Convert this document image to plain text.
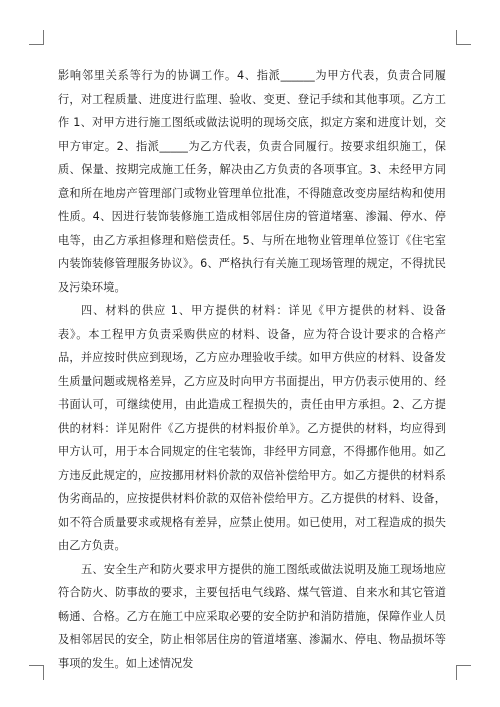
影响邻里关系等行为的协调工作。4、指派______为甲方代表，负责合同履行，对工程质量、进度进行监理、验收、变更、登记手续和其他事项。乙方工作 1、对甲方进行施工图纸或做法说明的现场交底，拟定方案和进度计划，交甲方审定。2、指派_____为乙方代表，负责合同履行。按要求组织施工，保质、保量、按期完成施工任务，解决由乙方负责的各项事宜。3、未经甲方同意和所在地房产管理部门或物业管理单位批准，不得随意改变房屋结构和使用性质。4、因进行装饰装修施工造成相邻居住房的管道堵塞、渗漏、停水、停电等，由乙方承担修理和赔偿责任。5、与所在地物业管理单位签订《住宅室内装饰装修管理服务协议》。6、严格执行有关施工现场管理的规定，不得扰民及污染环境。

四、材料的供应 1、甲方提供的材料：详见《甲方提供的材料、设备表》。本工程甲方负责采购供应的材料、设备，应为符合设计要求的合格产品，并应按时供应到现场，乙方应办理验收手续。如甲方供应的材料、设备发生质量问题或规格差异，乙方应及时向甲方书面提出，甲方仍表示使用的、经书面认可，可继续使用，由此造成工程损失的，责任由甲方承担。2、乙方提供的材料：详见附件《乙方提供的材料报价单》。乙方提供的材料，均应得到甲方认可，用于本合同规定的住宅装饰，非经甲方同意，不得挪作他用。如乙方违反此规定的，应按挪用材料价款的双倍补偿给甲方。如乙方提供的材料系伪劣商品的，应按提供材料价款的双倍补偿给甲方。乙方提供的材料、设备，如不符合质量要求或规格有差异，应禁止使用。如已使用，对工程造成的损失由乙方负责。

五、安全生产和防火要求甲方提供的施工图纸或做法说明及施工现场地应符合防火、防事故的要求，主要包括电气线路、煤气管道、自来水和其它管道畅通、合格。乙方在施工中应采取必要的安全防护和消防措施，保障作业人员及相邻居民的安全，防止相邻居住房的管道堵塞、渗漏水、停电、物品损坏等事项的发生。如上述情况发
